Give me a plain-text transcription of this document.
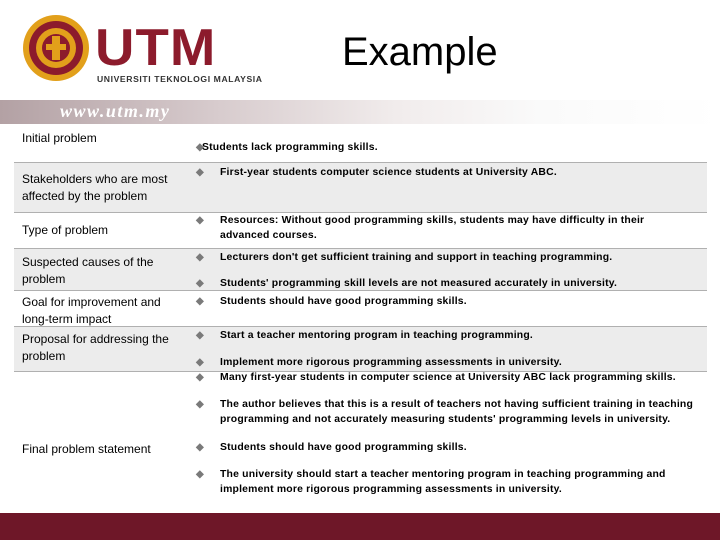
UTM
UNIVERSITI TEKNOLOGI MALAYSIA
www.utm.my
Example
Initial problem
Stakeholders who are most affected by the problem
Type of problem
Suspected causes of the problem
Goal for improvement and long-term impact
Proposal for addressing the problem
Final problem statement
◆
Students lack programming skills.
◆ First-year students computer science students at University ABC.
◆ Resources: Without good programming skills, students may have difficulty in their advanced courses.
◆ Lecturers don't get sufficient training and support in teaching programming.
◆ Students' programming skill levels are not measured accurately in university.
◆ Students should have good programming skills.
◆ Start a teacher mentoring program in teaching programming.
◆ Implement more rigorous programming assessments in university.
◆ Many first-year students in computer science at University ABC lack programming skills.
◆ The author believes that this is a result of teachers not having sufficient training in teaching programming and not accurately measuring students' programming levels in university.
◆ Students should have good programming skills.
◆ The university should start a teacher mentoring program in teaching programming and implement more rigorous programming assessments in university.
